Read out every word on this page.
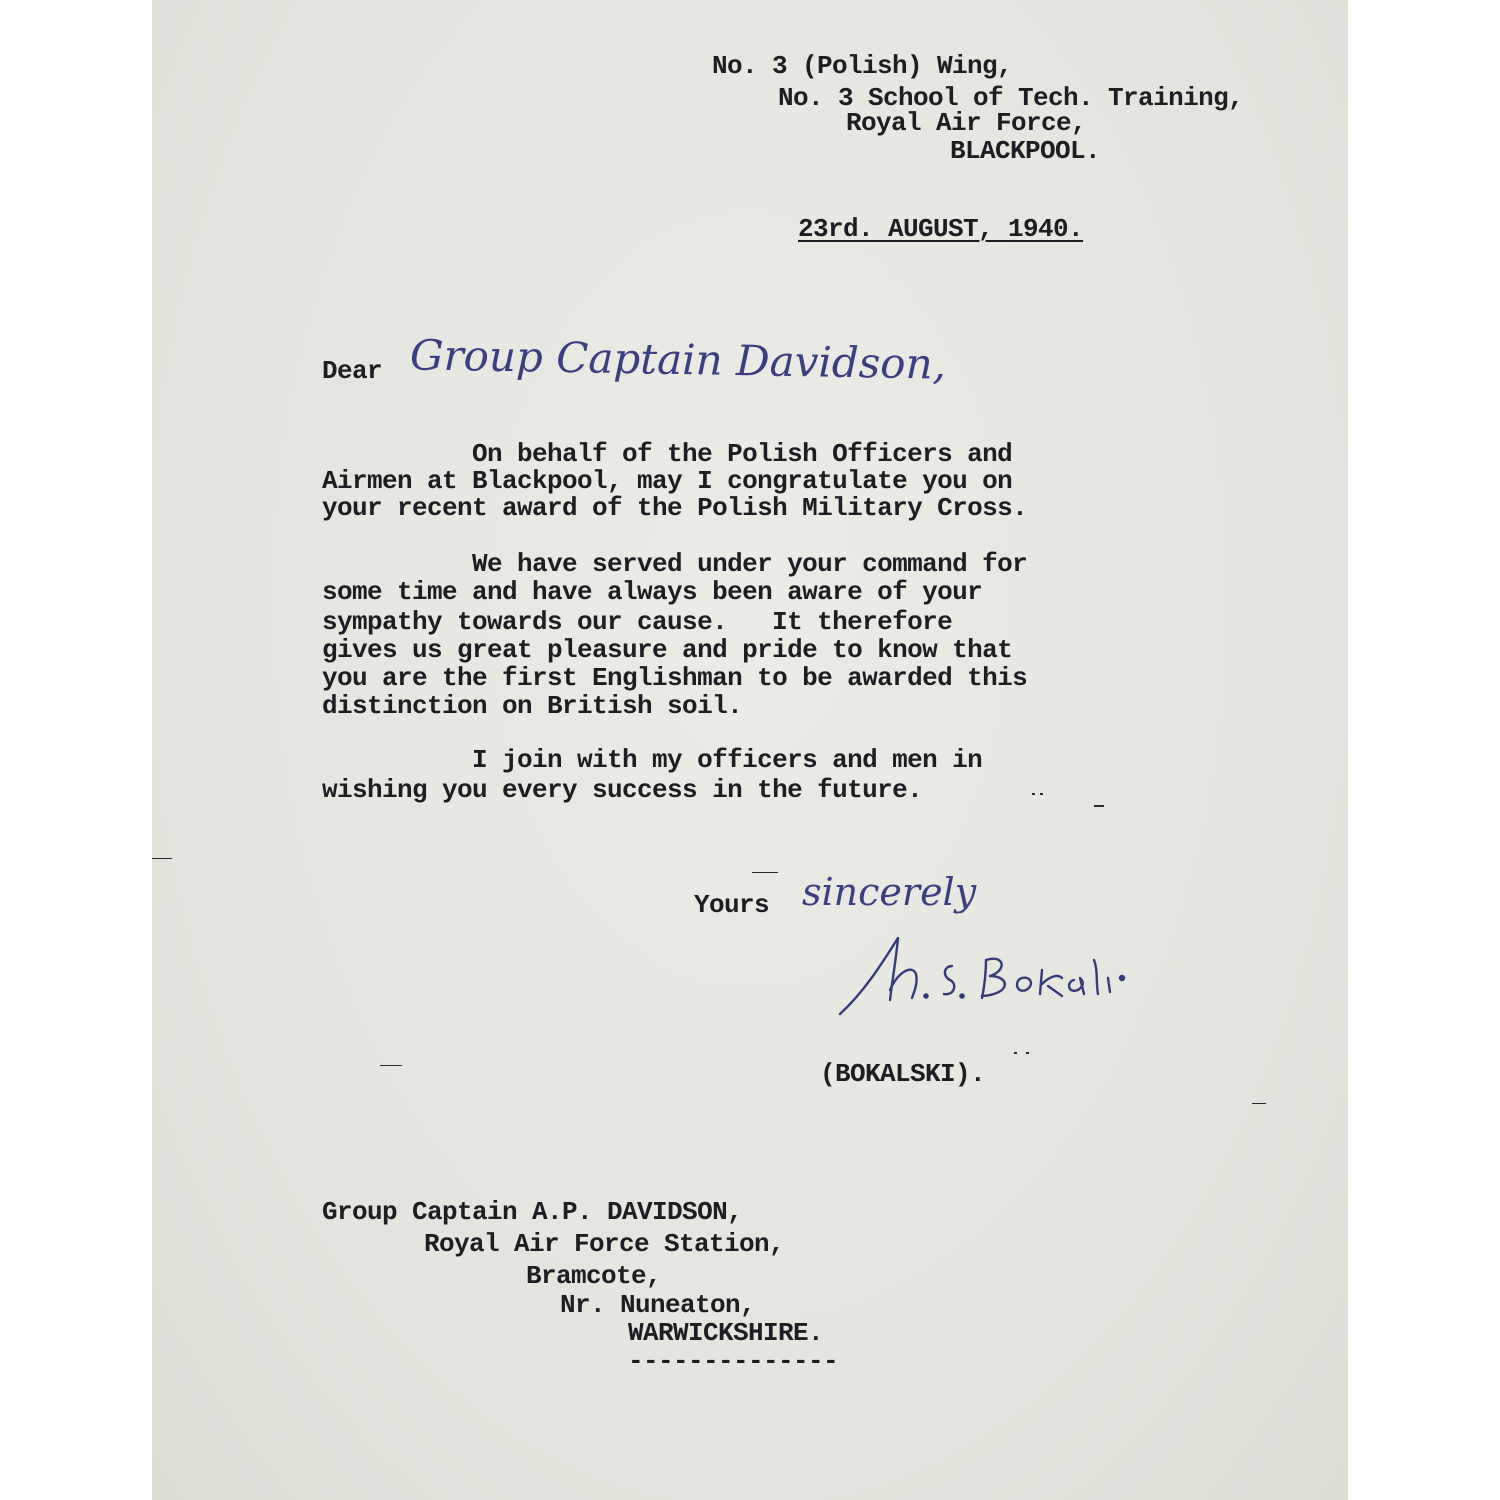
No. 3 (Polish) Wing,
No. 3 School of Tech. Training,
Royal Air Force,
BLACKPOOL.
23rd. AUGUST, 1940.
Dear Group Captain Davidson,
On behalf of the Polish Officers and
Airmen at Blackpool, may I congratulate you on
your recent award of the Polish Military Cross.
We have served under your command for
some time and have always been aware of your
sympathy towards our cause.   It therefore
gives us great pleasure and pride to know that
you are the first Englishman to be awarded this
distinction on British soil.
I join with my officers and men in
wishing you every success in the future.
Yours sincerely
(BOKALSKI).
Group Captain A.P. DAVIDSON,
Royal Air Force Station,
Bramcote,
Nr. Nuneaton,
WARWICKSHIRE.
--------------
